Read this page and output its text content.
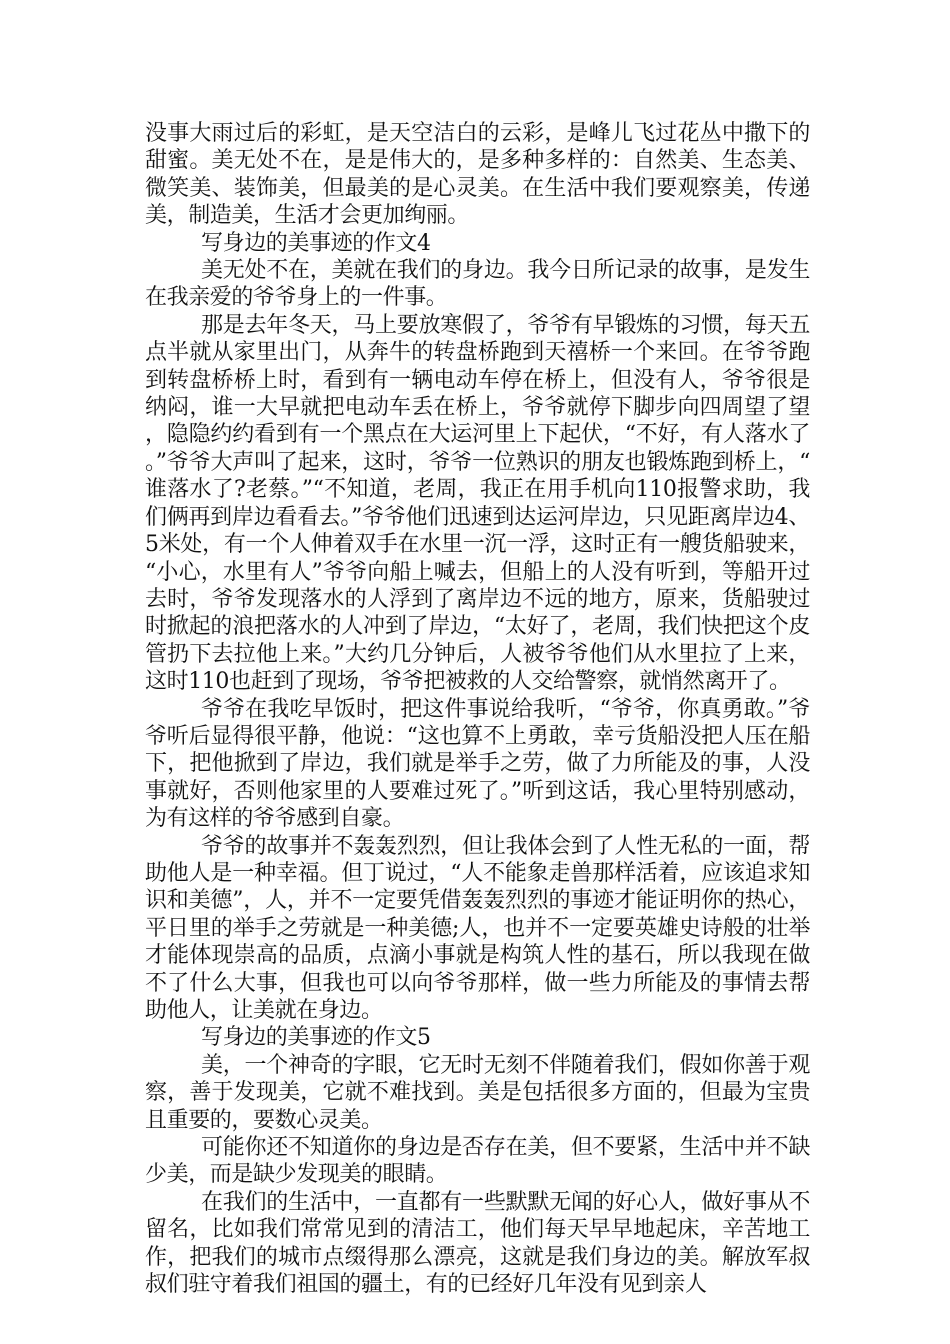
没事大雨过后的彩虹，是天空洁白的云彩，是峰儿飞过花丛中撒下的甜蜜。美无处不在，是是伟大的，是多种多样的：自然美、生态美、微笑美、装饰美，但最美的是心灵美。在生活中我们要观察美，传递美，制造美，生活才会更加绚丽。

写身边的美事迹的作文4

美无处不在，美就在我们的身边。我今日所记录的故事，是发生在我亲爱的爷爷身上的一件事。

那是去年冬天，马上要放寒假了，爷爷有早锻炼的习惯，每天五点半就从家里出门，从奔牛的转盘桥跑到天禧桥一个来回。在爷爷跑到转盘桥桥上时，看到有一辆电动车停在桥上，但没有人，爷爷很是纳闷，谁一大早就把电动车丢在桥上，爷爷就停下脚步向四周望了望，隐隐约约看到有一个黑点在大运河里上下起伏，“不好，有人落水了。”爷爷大声叫了起来，这时，爷爷一位熟识的朋友也锻炼跑到桥上，“谁落水了?老蔡。”“不知道，老周，我正在用手机向110报警求助，我们俩再到岸边看看去。”爷爷他们迅速到达运河岸边，只见距离岸边4、5米处，有一个人伸着双手在水里一沉一浮，这时正有一艘货船驶来，“小心，水里有人”爷爷向船上喊去，但船上的人没有听到，等船开过去时，爷爷发现落水的人浮到了离岸边不远的地方，原来，货船驶过时掀起的浪把落水的人冲到了岸边，“太好了，老周，我们快把这个皮管扔下去拉他上来。”大约几分钟后，人被爷爷他们从水里拉了上来，这时110也赶到了现场，爷爷把被救的人交给警察，就悄然离开了。

爷爷在我吃早饭时，把这件事说给我听，“爷爷，你真勇敢。”爷爷听后显得很平静，他说：“这也算不上勇敢，幸亏货船没把人压在船下，把他掀到了岸边，我们就是举手之劳，做了力所能及的事，人没事就好，否则他家里的人要难过死了。”听到这话，我心里特别感动，为有这样的爷爷感到自豪。

爷爷的故事并不轰轰烈烈，但让我体会到了人性无私的一面，帮助他人是一种幸福。但丁说过，“人不能象走兽那样活着，应该追求知识和美德”，人，并不一定要凭借轰轰烈烈的事迹才能证明你的热心，平日里的举手之劳就是一种美德;人，也并不一定要英雄史诗般的壮举才能体现崇高的品质，点滴小事就是构筑人性的基石，所以我现在做不了什么大事，但我也可以向爷爷那样，做一些力所能及的事情去帮助他人，让美就在身边。

写身边的美事迹的作文5

美，一个神奇的字眼，它无时无刻不伴随着我们，假如你善于观察，善于发现美，它就不难找到。美是包括很多方面的，但最为宝贵且重要的，要数心灵美。

可能你还不知道你的身边是否存在美，但不要紧，生活中并不缺少美，而是缺少发现美的眼睛。

在我们的生活中，一直都有一些默默无闻的好心人，做好事从不留名，比如我们常常见到的清洁工，他们每天早早地起床，辛苦地工作，把我们的城市点缀得那么漂亮，这就是我们身边的美。解放军叔叔们驻守着我们祖国的疆土，有的已经好几年没有见到亲人
